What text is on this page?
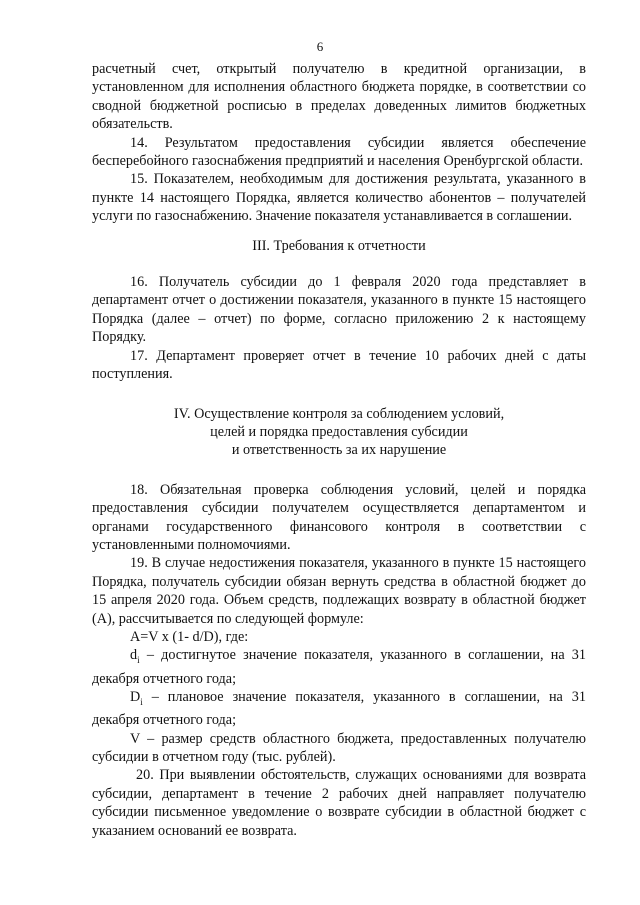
6

расчетный счет, открытый получателю в кредитной организации, в установленном для исполнения областного бюджета порядке, в соответствии со сводной бюджетной росписью в пределах доведенных лимитов бюджетных обязательств.

14. Результатом предоставления субсидии является обеспечение бесперебойного газоснабжения предприятий и населения Оренбургской области.

15. Показателем, необходимым для достижения результата, указанного в пункте 14 настоящего Порядка, является количество абонентов – получателей услуги по газоснабжению. Значение показателя устанавливается в соглашении.

III. Требования к отчетности

16. Получатель субсидии до 1 февраля 2020 года представляет в департамент отчет о достижении показателя, указанного в пункте 15 настоящего Порядка (далее – отчет) по форме, согласно приложению 2 к настоящему Порядку.

17. Департамент проверяет отчет в течение 10 рабочих дней с даты поступления.

IV. Осуществление контроля за соблюдением условий,

целей и порядка предоставления субсидии

и ответственность за их нарушение

18. Обязательная проверка соблюдения условий, целей и порядка предоставления субсидии получателем осуществляется департаментом и органами государственного финансового контроля в соответствии с установленными полномочиями.

19. В случае недостижения показателя, указанного в пункте 15 настоящего Порядка, получатель субсидии обязан вернуть средства в областной бюджет до 15 апреля 2020 года. Объем средств, подлежащих возврату в областной бюджет (А), рассчитывается по следующей формуле:

А=V x (1- d/D), где:

$d_i$ – достигнутое значение показателя, указанного в соглашении, на 31 декабря отчетного года;

$D_i$ – плановое значение показателя, указанного в соглашении, на 31 декабря отчетного года;

V – размер средств областного бюджета, предоставленных получателю субсидии в отчетном году (тыс. рублей).

20. При выявлении обстоятельств, служащих основаниями для возврата субсидии, департамент в течение 2 рабочих дней направляет получателю субсидии письменное уведомление о возврате субсидии в областной бюджет с указанием оснований ее возврата.
